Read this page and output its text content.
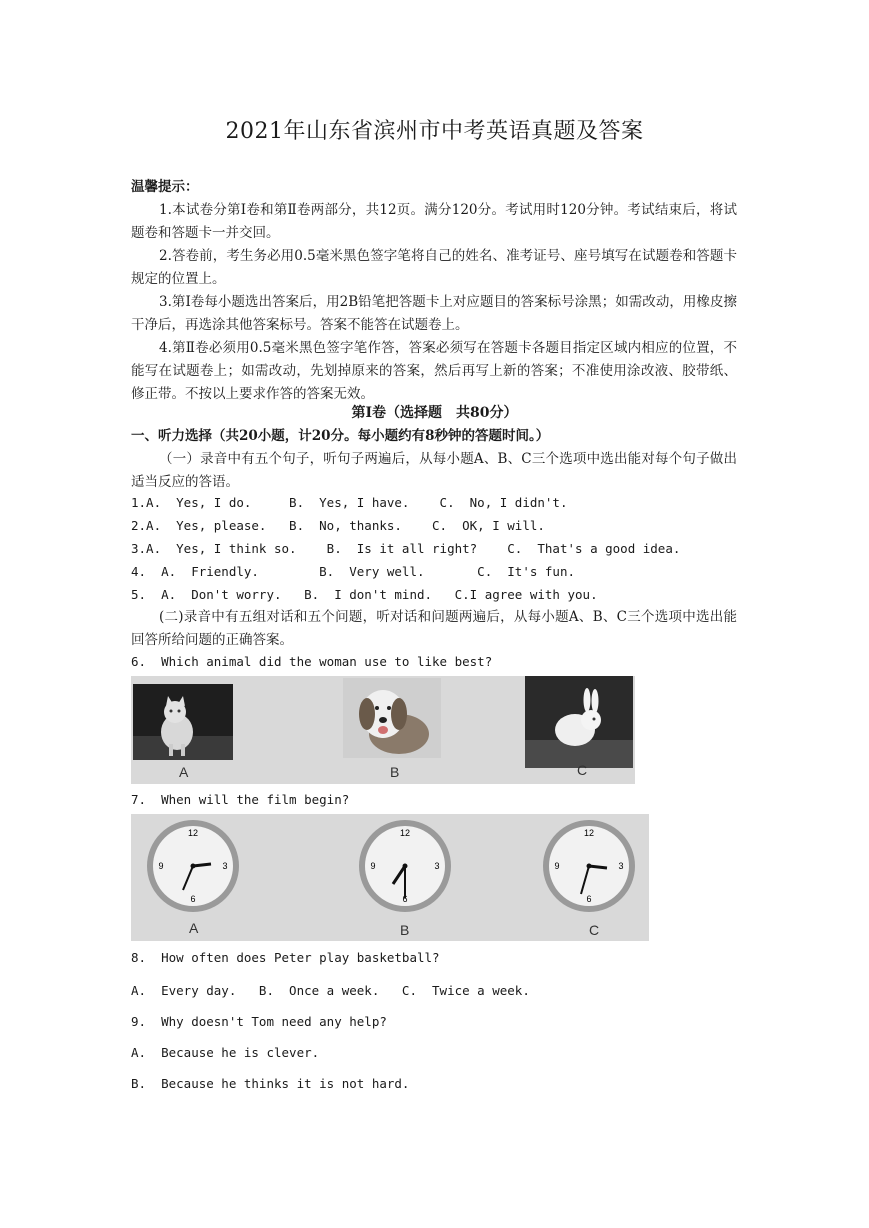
2021年山东省滨州市中考英语真题及答案

温馨提示：

1.本试卷分第Ⅰ卷和第Ⅱ卷两部分，共12页。满分120分。考试用时120分钟。考试结束后，将试题卷和答题卡一并交回。

2.答卷前，考生务必用0.5毫米黑色签字笔将自己的姓名、准考证号、座号填写在试题卷和答题卡规定的位置上。

3.第Ⅰ卷每小题选出答案后，用2B铅笔把答题卡上对应题目的答案标号涂黑；如需改动，用橡皮擦干净后，再选涂其他答案标号。答案不能答在试题卷上。

4.第Ⅱ卷必须用0.5毫米黑色签字笔作答，答案必须写在答题卡各题目指定区域内相应的位置，不能写在试题卷上；如需改动，先划掉原来的答案，然后再写上新的答案；不准使用涂改液、胶带纸、修正带。不按以上要求作答的答案无效。

第Ⅰ卷（选择题　共80分）

一、听力选择（共20小题，计20分。每小题约有8秒钟的答题时间。）

（一）录音中有五个句子，听句子两遍后，从每小题A、B、C三个选项中选出能对每个句子做出适当反应的答语。

1.A.  Yes, I do.     B.  Yes, I have.    C.  No, I didn't.
2.A.  Yes, please.   B.  No, thanks.    C.  OK, I will.
3.A.  Yes, I think so.    B.  Is it all right?    C.  That's a good idea.
4.  A.  Friendly.        B.  Very well.       C.  It's fun.
5.  A.  Don't worry.   B.  I don't mind.   C.I agree with you.

(二)录音中有五组对话和五个问题，听对话和问题两遍后，从每小题A、B、C三个选项中选出能回答所给问题的正确答案。

6.  Which animal did the woman use to like best?
A	B	C
7.  When will the film begin?
12
3
6
9
A
12
3
6
9
B
12
3
6
9
C
8.  How often does Peter play basketball?
A.  Every day.   B.  Once a week.   C.  Twice a week.
9.  Why doesn't Tom need any help?
A.  Because he is clever.
B.  Because he thinks it is not hard.
